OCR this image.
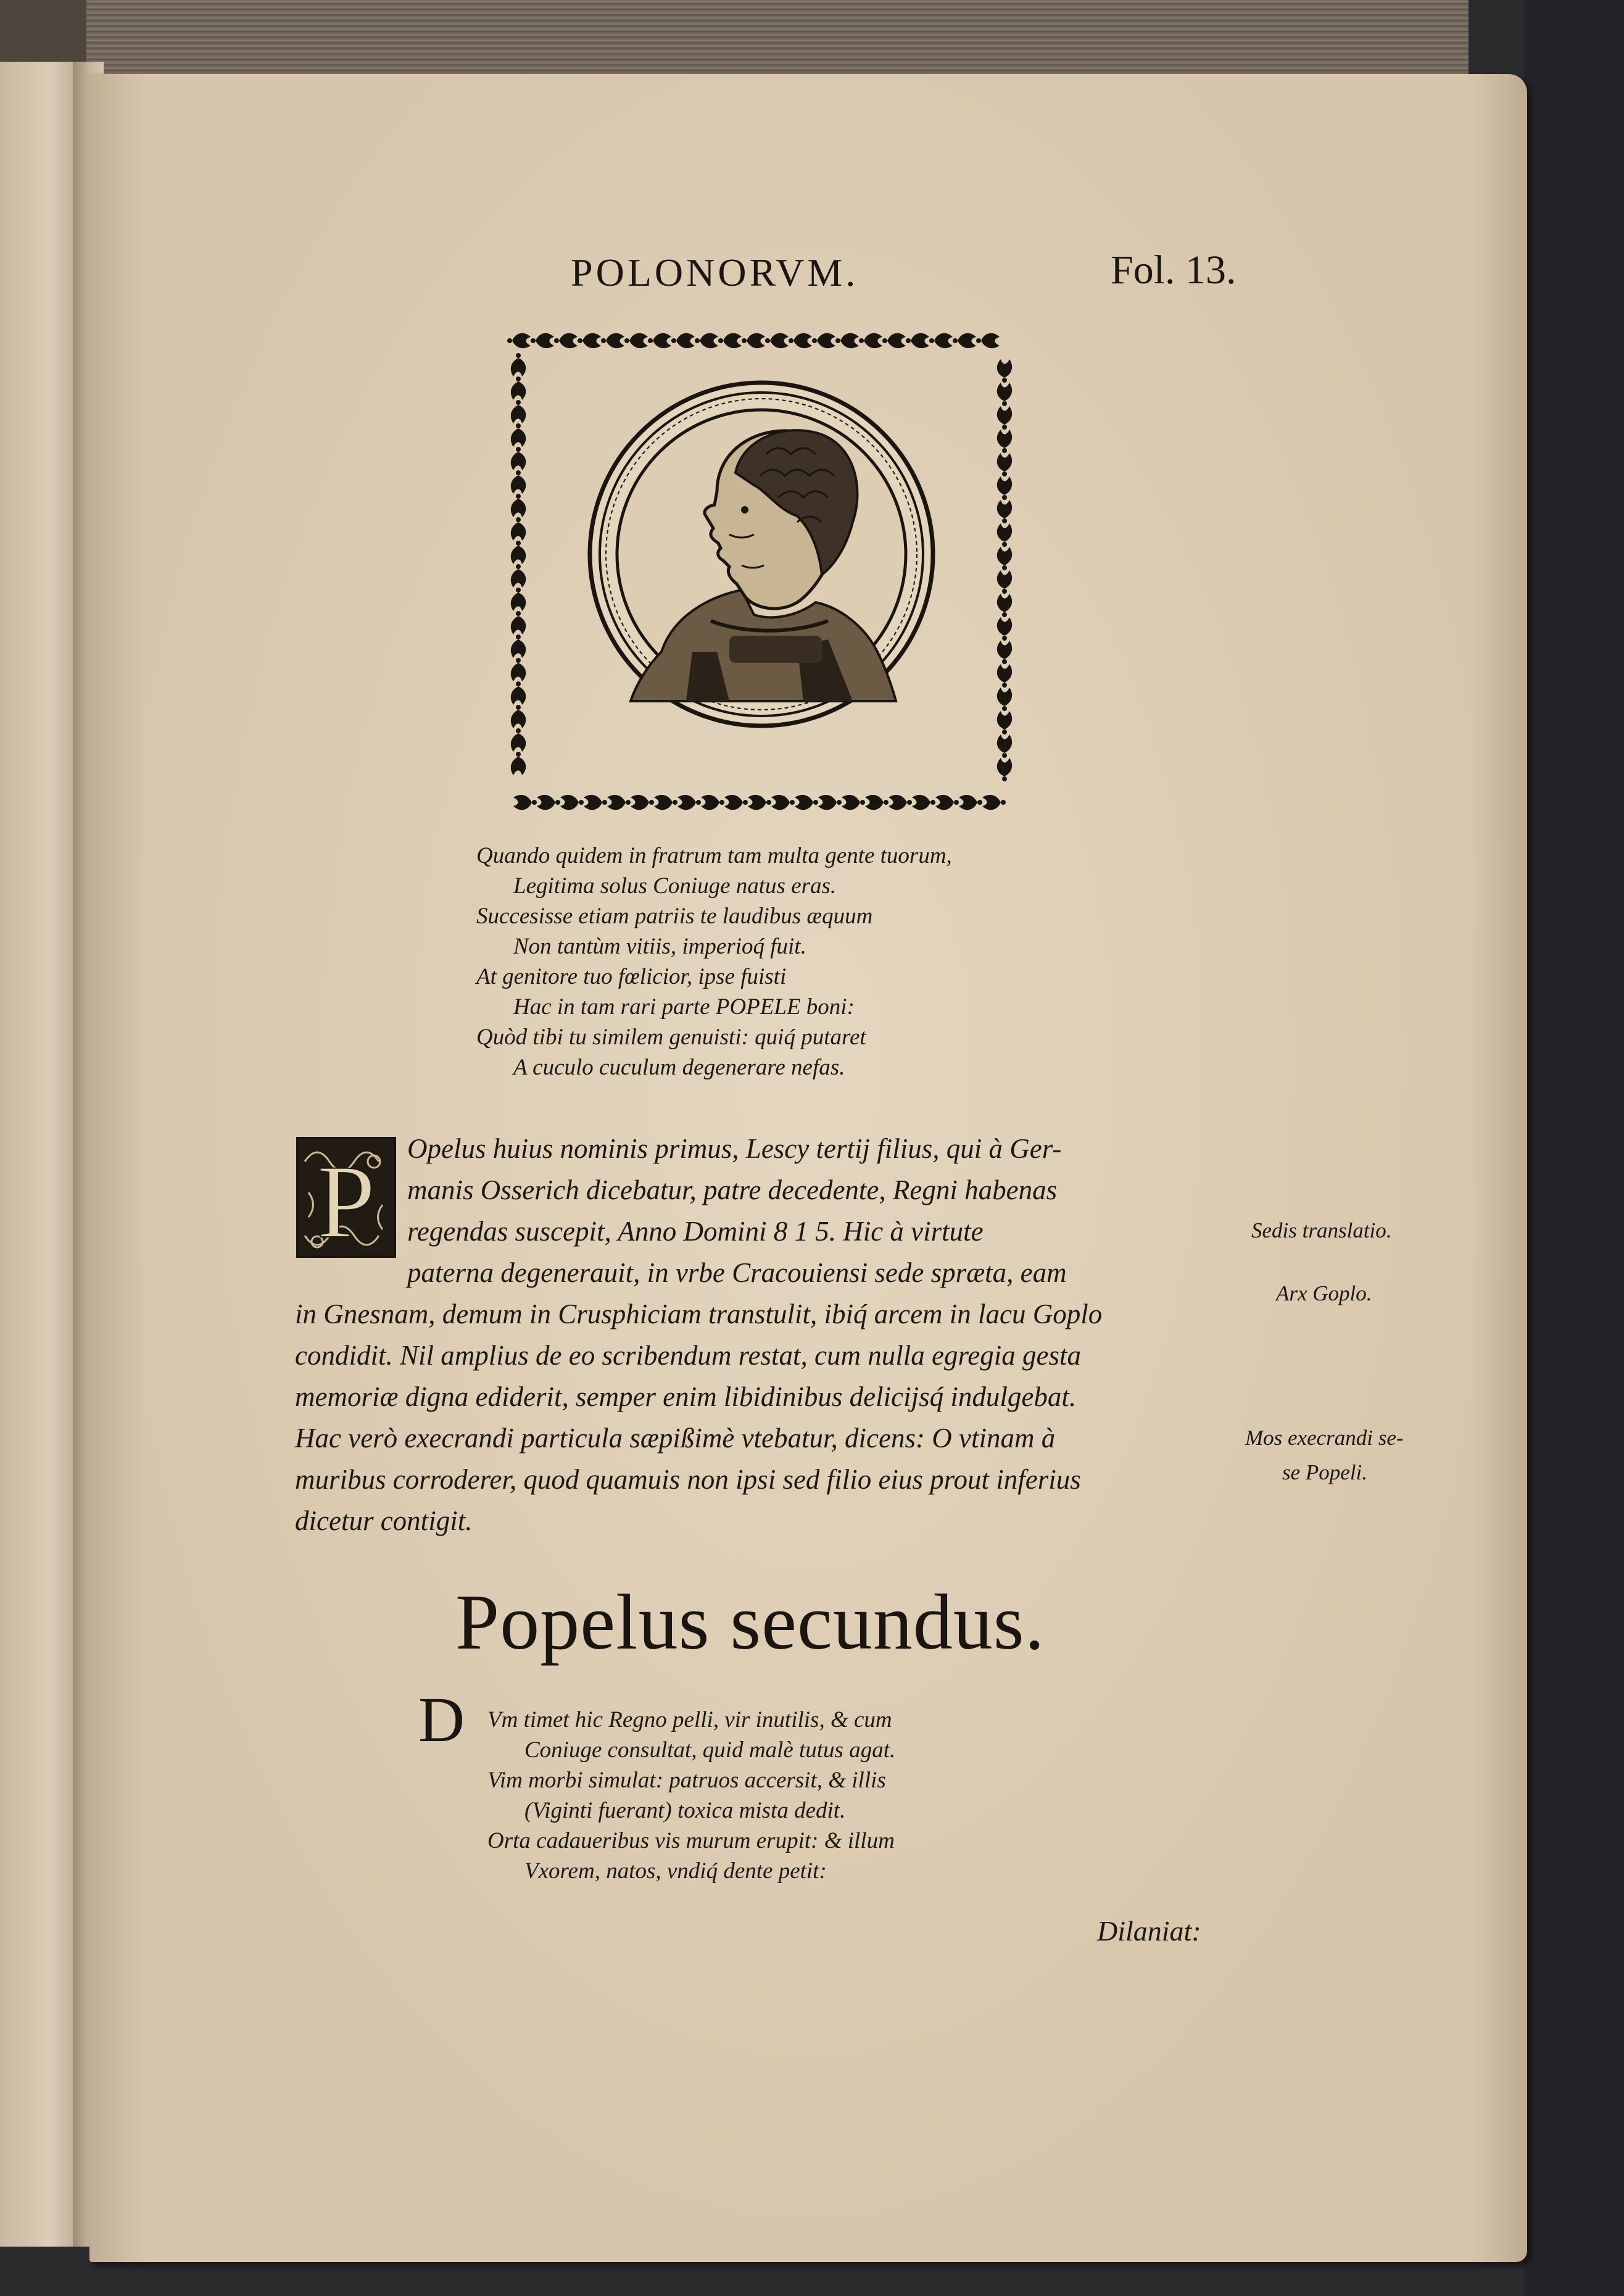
POLONORVM.	Fol. 13.
Quando quidem in fratrum tam multa gente tuorum,
Legitima solus Coniuge natus eras.
Succesisse etiam patriis te laudibus æquum
Non tantùm vitiis, imperioq́ fuit.
At genitore tuo fœlicior, ipse fuisti
Hac in tam rari parte POPELE boni:
Quòd tibi tu similem genuisti: quiq́ putaret
A cuculo cuculum degenerare nefas.
P Opelus huius nominis primus, Lescy tertij filius, qui à Ger-
manis Osserich dicebatur, patre decedente, Regni habenas
regendas suscepit, Anno Domini 8 1 5. Hic à virtute
paterna degenerauit, in vrbe Cracouiensi sede spræta, eam
in Gnesnam, demum in Crusphiciam transtulit, ibiq́ arcem in lacu Goplo
condidit. Nil amplius de eo scribendum restat, cum nulla egregia gesta
memoriæ digna ediderit, semper enim libidinibus delicijsq́ indulgebat.
Hac verò execrandi particula sæpißimè vtebatur, dicens: O vtinam à
muribus corroderer, quod quamuis non ipsi sed filio eius prout inferius
dicetur contigit.
Sedis translatio.
Arx Goplo.
Mos execrandi se-
se Popeli.
Popelus secundus.
D Vm timet hic Regno pelli, vir inutilis, & cum
Coniuge consultat, quid malè tutus agat.
Vim morbi simulat: patruos accersit, & illis
(Viginti fuerant) toxica mista dedit.
Orta cadaueribus vis murum erupit: & illum
Vxorem, natos, vndiq́ dente petit:
Dilaniat:
